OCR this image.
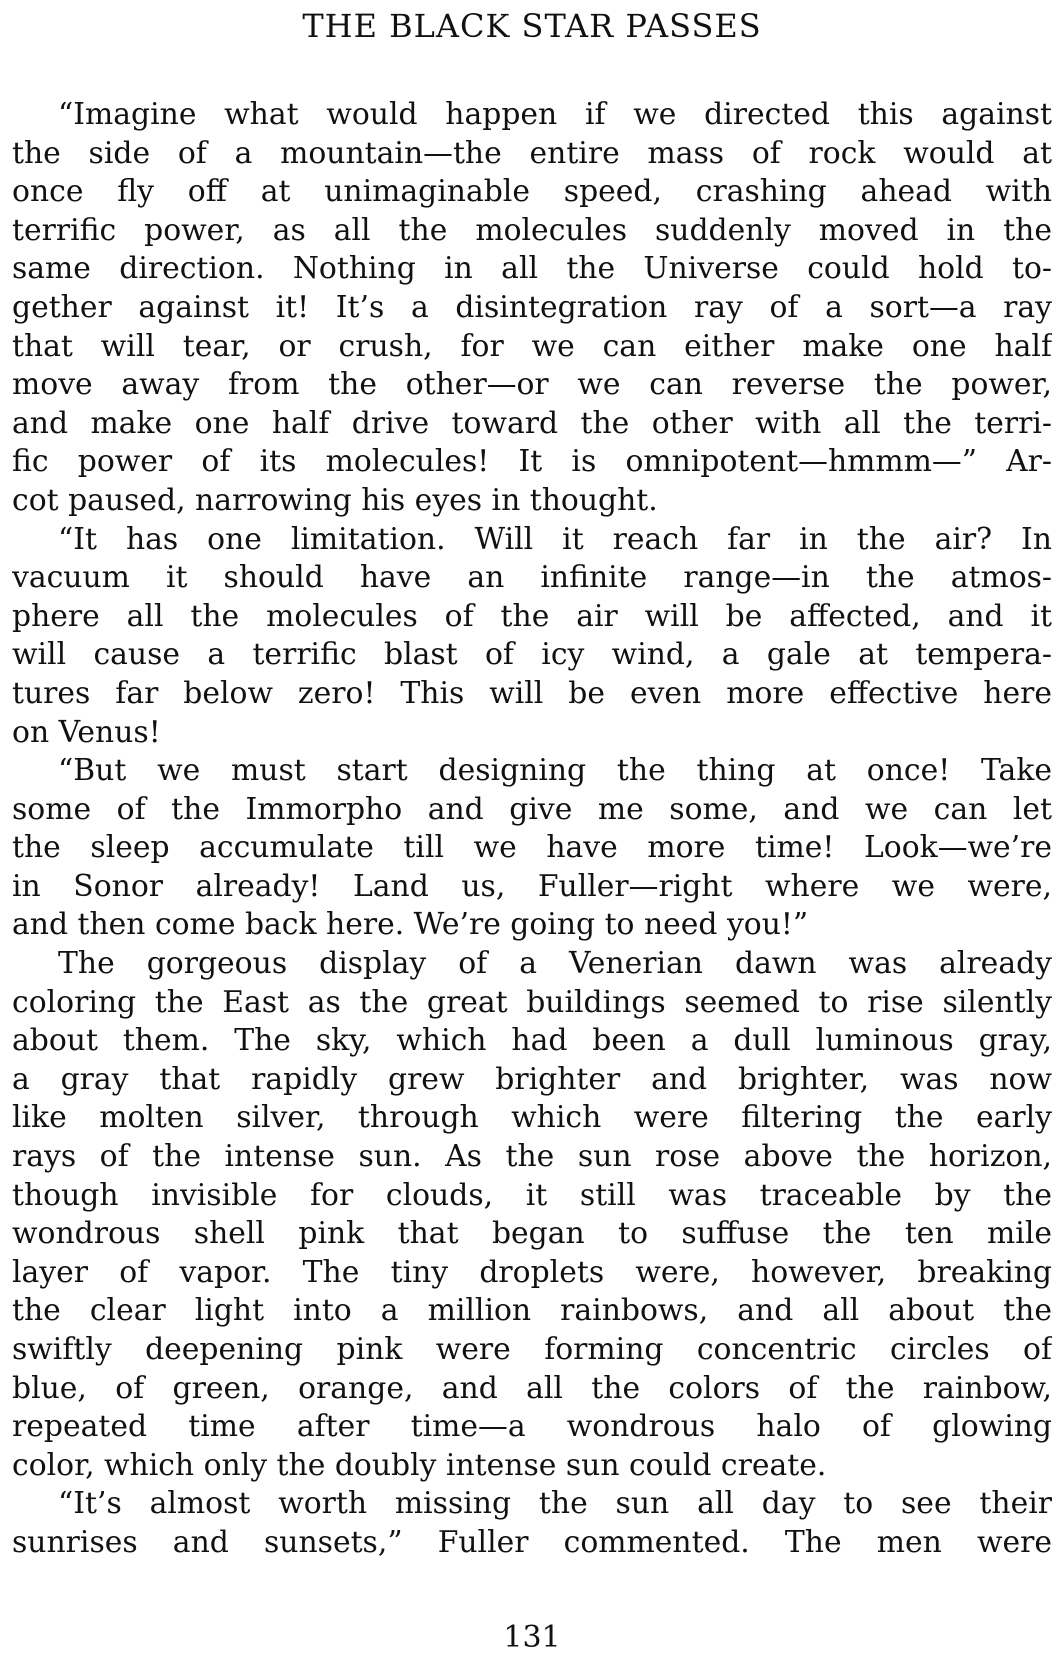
THE BLACK STAR PASSES
“Imagine what would happen if we directed this against
the side of a mountain—the entire mass of rock would at
once fly off at unimaginable speed, crashing ahead with
terrific power, as all the molecules suddenly moved in the
same direction. Nothing in all the Universe could hold to-
gether against it! It’s a disintegration ray of a sort—a ray
that will tear, or crush, for we can either make one half
move away from the other—or we can reverse the power,
and make one half drive toward the other with all the terri-
fic power of its molecules! It is omnipotent—hmmm—” Ar-
cot paused, narrowing his eyes in thought.
“It has one limitation. Will it reach far in the air? In
vacuum it should have an infinite range—in the atmos-
phere all the molecules of the air will be affected, and it
will cause a terrific blast of icy wind, a gale at tempera-
tures far below zero! This will be even more effective here
on Venus!
“But we must start designing the thing at once! Take
some of the Immorpho and give me some, and we can let
the sleep accumulate till we have more time! Look—we’re
in Sonor already! Land us, Fuller—right where we were,
and then come back here. We’re going to need you!”
The gorgeous display of a Venerian dawn was already
coloring the East as the great buildings seemed to rise silently
about them. The sky, which had been a dull luminous gray,
a gray that rapidly grew brighter and brighter, was now
like molten silver, through which were filtering the early
rays of the intense sun. As the sun rose above the horizon,
though invisible for clouds, it still was traceable by the
wondrous shell pink that began to suffuse the ten mile
layer of vapor. The tiny droplets were, however, breaking
the clear light into a million rainbows, and all about the
swiftly deepening pink were forming concentric circles of
blue, of green, orange, and all the colors of the rainbow,
repeated time after time—a wondrous halo of glowing
color, which only the doubly intense sun could create.
“It’s almost worth missing the sun all day to see their
sunrises and sunsets,” Fuller commented. The men were
131
